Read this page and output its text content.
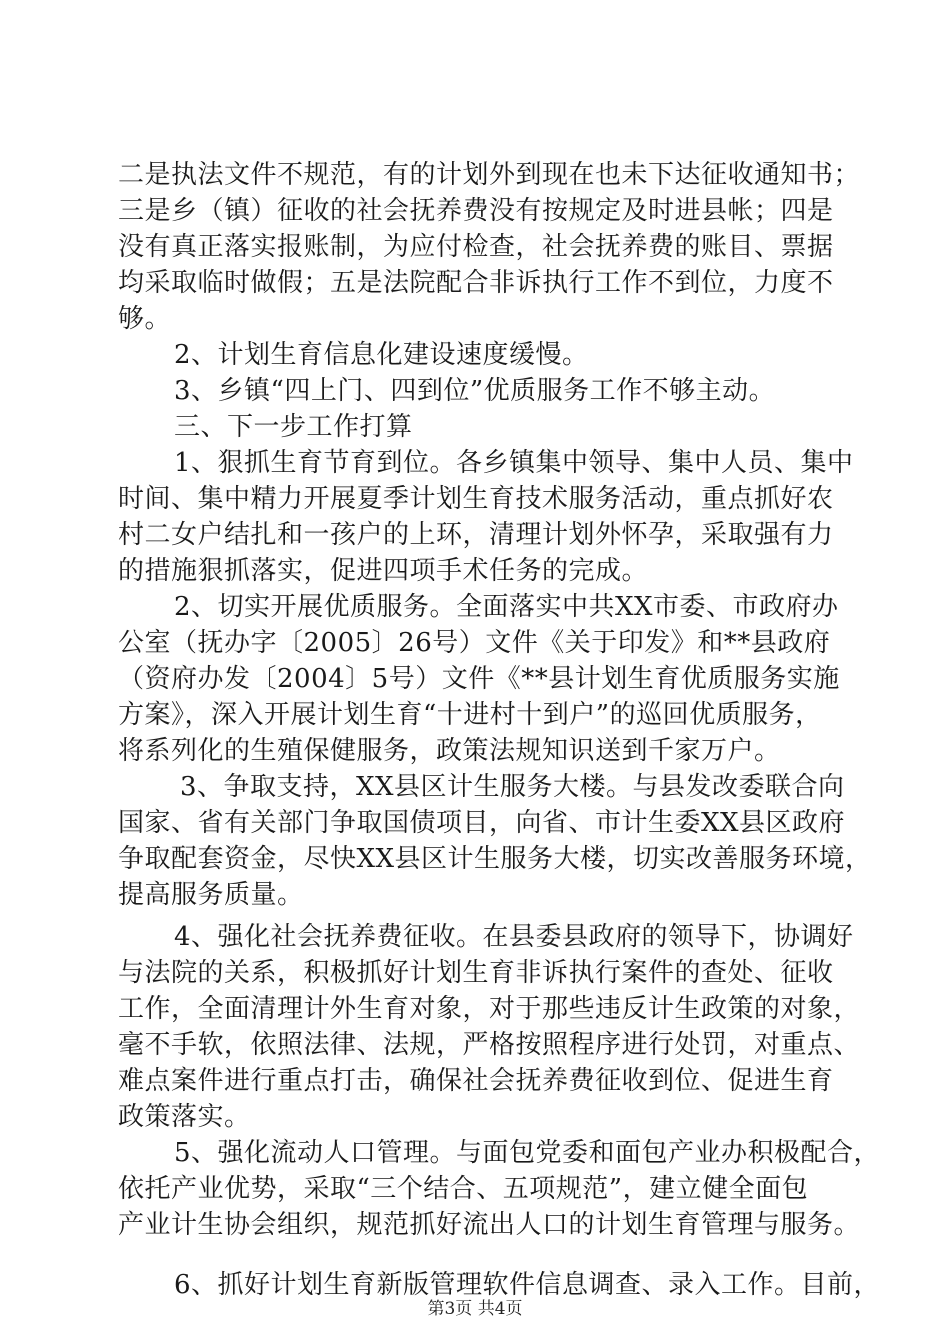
二是执法文件不规范，有的计划外到现在也未下达征收通知书；
三是乡（镇）征收的社会抚养费没有按规定及时进县帐；四是
没有真正落实报账制，为应付检查，社会抚养费的账目、票据
均采取临时做假；五是法院配合非诉执行工作不到位，力度不
够。
2、计划生育信息化建设速度缓慢。
3、乡镇“四上门、四到位”优质服务工作不够主动。
三、下一步工作打算
1、狠抓生育节育到位。各乡镇集中领导、集中人员、集中
时间、集中精力开展夏季计划生育技术服务活动，重点抓好农
村二女户结扎和一孩户的上环，清理计划外怀孕，采取强有力
的措施狠抓落实，促进四项手术任务的完成。
2、切实开展优质服务。全面落实中共XX市委、市政府办
公室（抚办字〔2005〕26号）文件《关于印发》和**县政府
（资府办发〔2004〕5号）文件《**县计划生育优质服务实施
方案》，深入开展计划生育“十进村十到户”的巡回优质服务，
将系列化的生殖保健服务，政策法规知识送到千家万户。
3、争取支持，XX县区计生服务大楼。与县发改委联合向
国家、省有关部门争取国债项目，向省、市计生委XX县区政府
争取配套资金，尽快XX县区计生服务大楼，切实改善服务环境，
提高服务质量。
4、强化社会抚养费征收。在县委县政府的领导下，协调好
与法院的关系，积极抓好计划生育非诉执行案件的查处、征收
工作，全面清理计外生育对象，对于那些违反计生政策的对象，
毫不手软，依照法律、法规，严格按照程序进行处罚，对重点、
难点案件进行重点打击，确保社会抚养费征收到位、促进生育
政策落实。
5、强化流动人口管理。与面包党委和面包产业办积极配合，
依托产业优势，采取“三个结合、五项规范”，建立健全面包
产业计生协会组织，规范抓好流出人口的计划生育管理与服务。
6、抓好计划生育新版管理软件信息调查、录入工作。目前，
第3页 共4页
